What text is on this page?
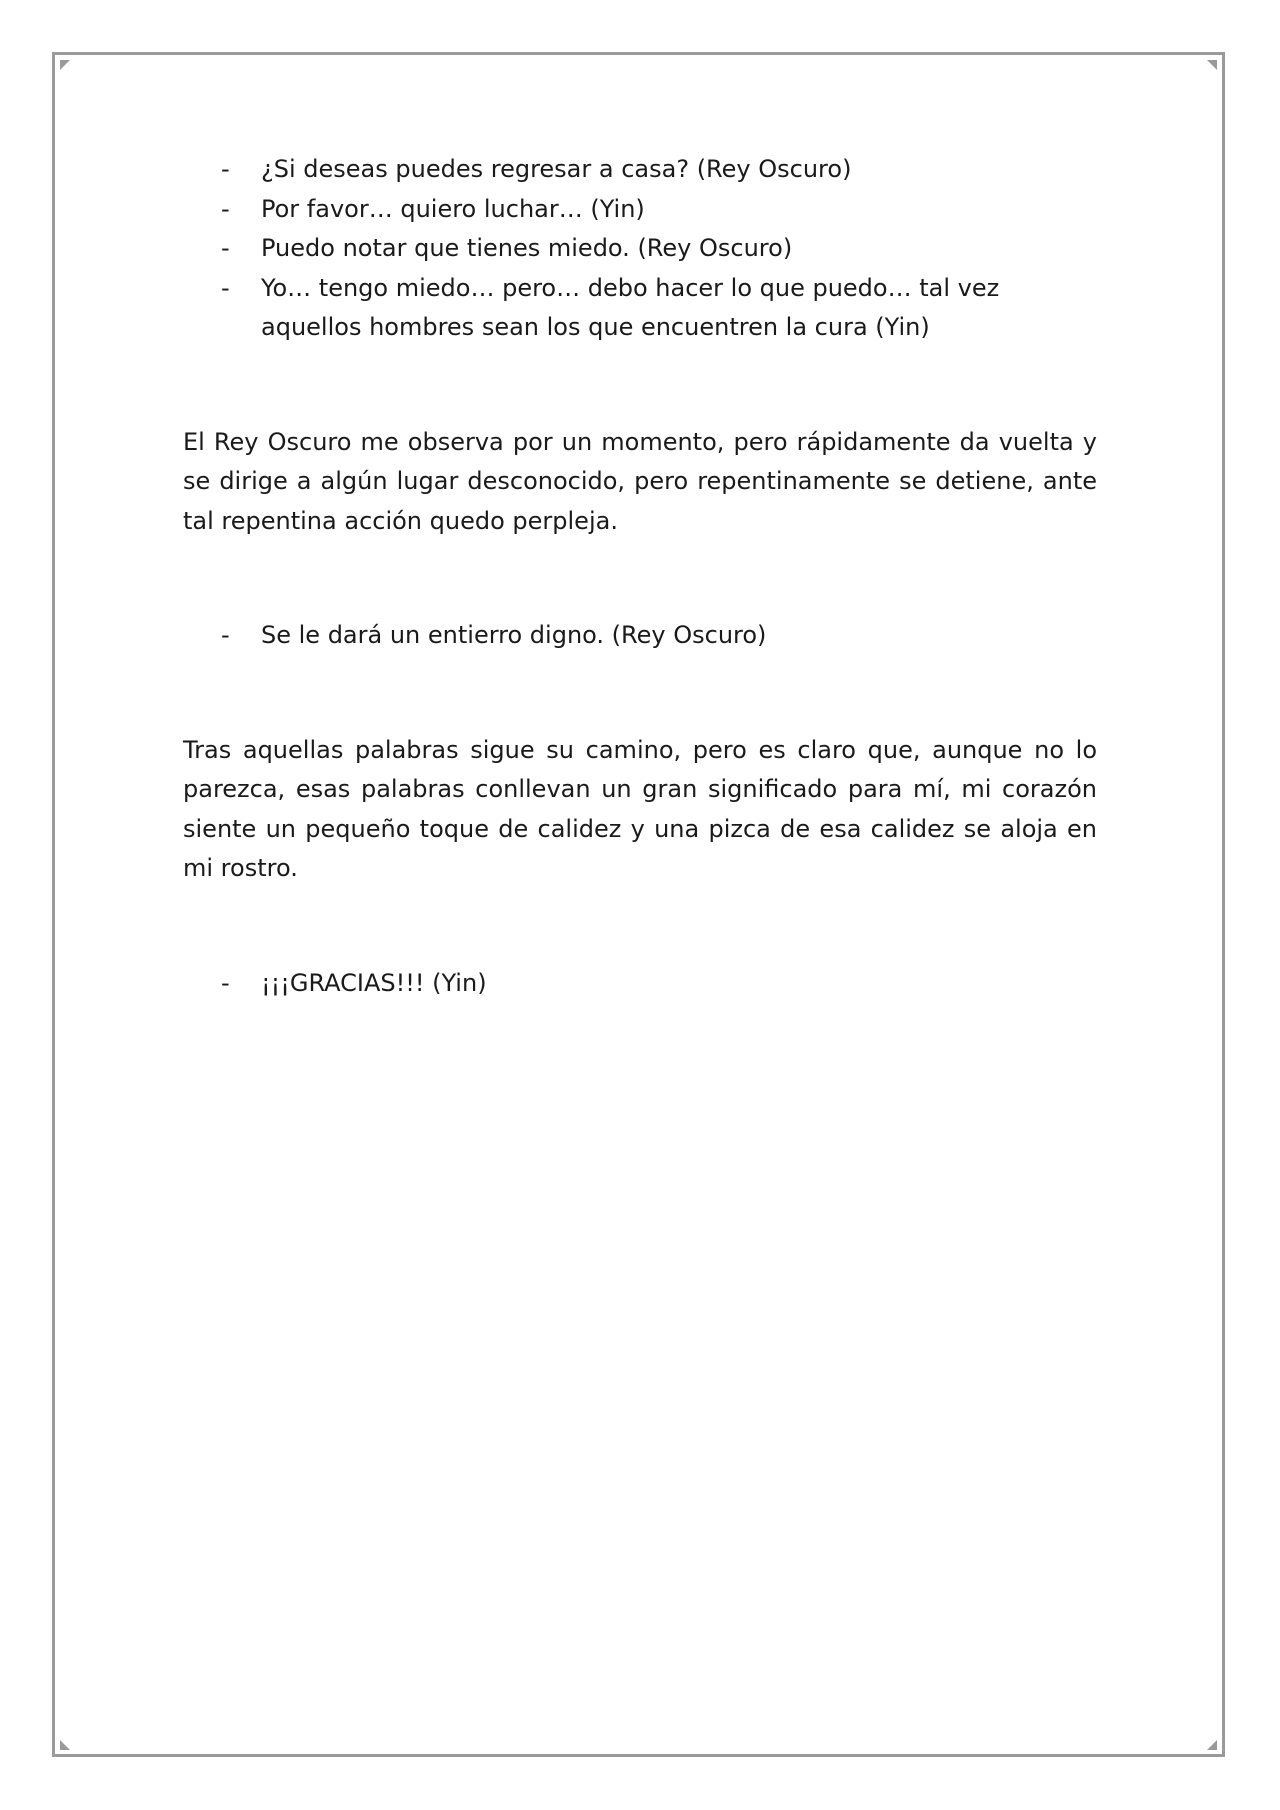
- ¿Si deseas puedes regresar a casa? (Rey Oscuro)
- Por favor… quiero luchar… (Yin)
- Puedo notar que tienes miedo. (Rey Oscuro)
- Yo… tengo miedo… pero… debo hacer lo que puedo… tal vez aquellos hombres sean los que encuentren la cura (Yin)

El Rey Oscuro me observa por un momento, pero rápidamente da vuelta y se dirige a algún lugar desconocido, pero repentinamente se detiene, ante tal repentina acción quedo perpleja.

- Se le dará un entierro digno. (Rey Oscuro)

Tras aquellas palabras sigue su camino, pero es claro que, aunque no lo parezca, esas palabras conllevan un gran significado para mí, mi corazón siente un pequeño toque de calidez y una pizca de esa calidez se aloja en mi rostro.

- ¡¡¡GRACIAS!!! (Yin)
